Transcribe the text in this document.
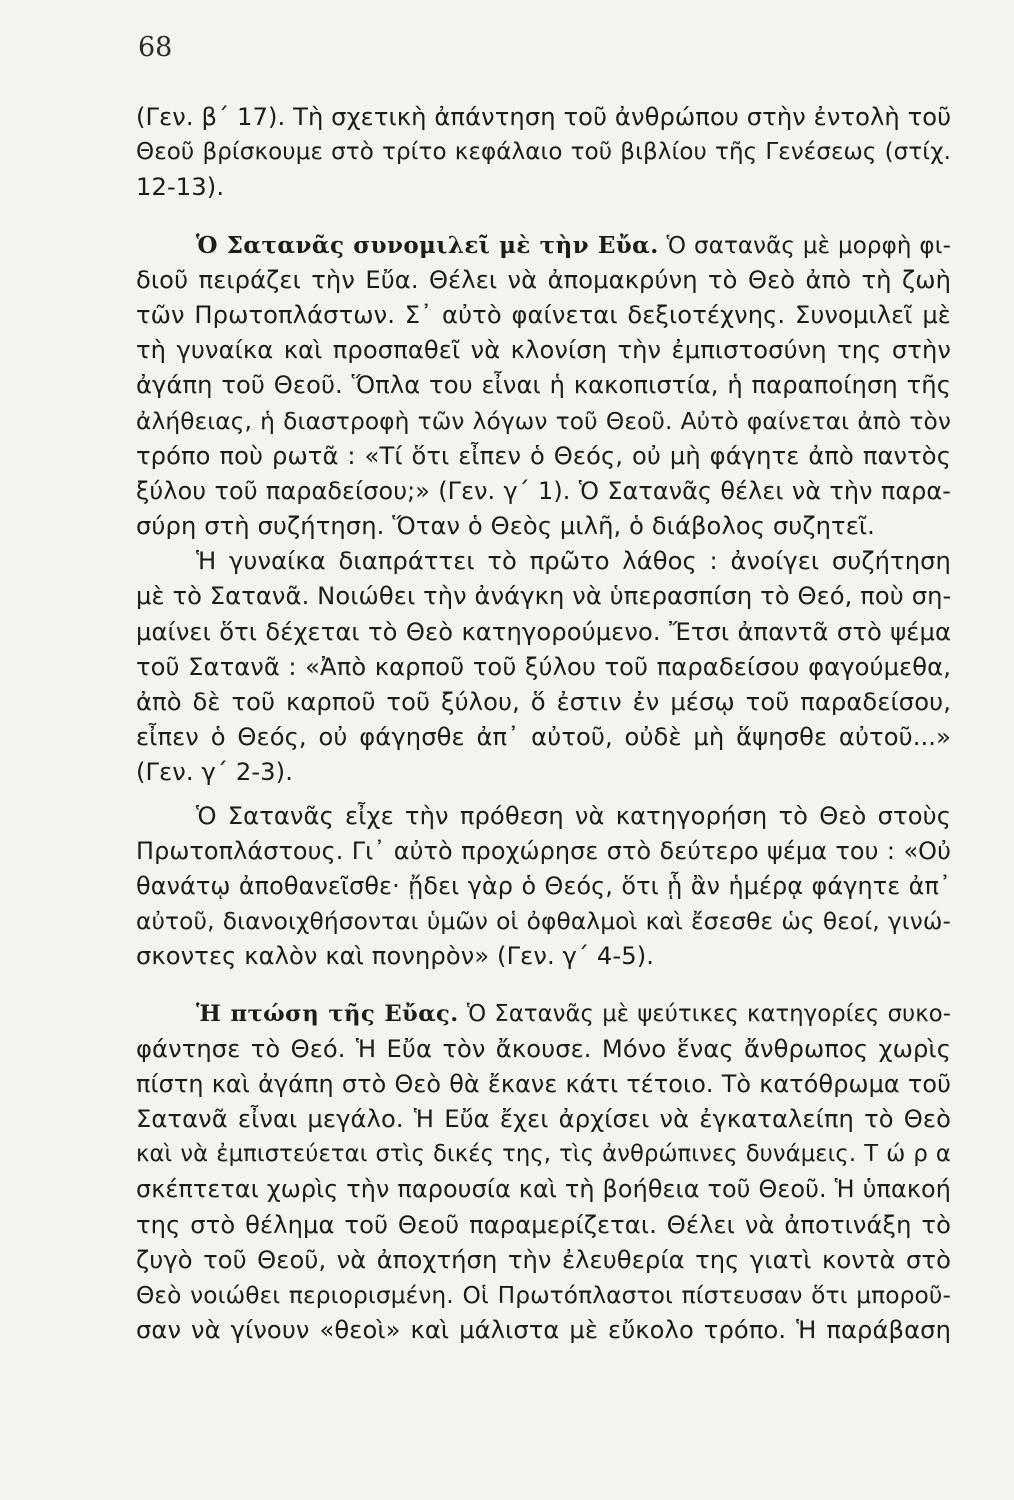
68
(Γεν. β΄ 17). Τὴ σχετικὴ ἀπάντηση τοῦ ἀνθρώπου στὴν ἐντολὴ τοῦ
Θεοῦ βρίσκουμε στὸ τρίτο κεφάλαιο τοῦ βιβλίου τῆς Γενέσεως (στίχ.
12-13).
Ὁ Σατανᾶς συνομιλεῖ μὲ τὴν Εὔα. Ὁ σατανᾶς μὲ μορφὴ φι-
διοῦ πειράζει τὴν Εὔα. Θέλει νὰ ἀπομακρύνη τὸ Θεὸ ἀπὸ τὴ ζωὴ
τῶν Πρωτοπλάστων. Σ᾽ αὐτὸ φαίνεται δεξιοτέχνης. Συνομιλεῖ μὲ
τὴ γυναίκα καὶ προσπαθεῖ νὰ κλονίση τὴν ἐμπιστοσύνη της στὴν
ἀγάπη τοῦ Θεοῦ. Ὅπλα του εἶναι ἡ κακοπιστία, ἡ παραποίηση τῆς
ἀλήθειας, ἡ διαστροφὴ τῶν λόγων τοῦ Θεοῦ. Αὐτὸ φαίνεται ἀπὸ τὸν
τρόπο ποὺ ρωτᾶ : «Τί ὅτι εἶπεν ὁ Θεός, οὐ μὴ φάγητε ἀπὸ παντὸς
ξύλου τοῦ παραδείσου;» (Γεν. γ΄ 1). Ὁ Σατανᾶς θέλει νὰ τὴν παρα-
σύρη στὴ συζήτηση. Ὅταν ὁ Θεὸς μιλῆ, ὁ διάβολος συζητεῖ.
Ἡ γυναίκα διαπράττει τὸ πρῶτο λάθος : ἀνοίγει συζήτηση
μὲ τὸ Σατανᾶ. Νοιώθει τὴν ἀνάγκη νὰ ὑπερασπίση τὸ Θεό, ποὺ ση-
μαίνει ὅτι δέχεται τὸ Θεὸ κατηγορούμενο. Ἔτσι ἀπαντᾶ στὸ ψέμα
τοῦ Σατανᾶ : «Ἀπὸ καρποῦ τοῦ ξύλου τοῦ παραδείσου φαγούμεθα,
ἀπὸ δὲ τοῦ καρποῦ τοῦ ξύλου, ὅ ἐστιν ἐν μέσῳ τοῦ παραδείσου,
εἶπεν ὁ Θεός, οὐ φάγησθε ἀπ᾽ αὐτοῦ, οὐδὲ μὴ ἅψησθε αὐτοῦ...»
(Γεν. γ΄ 2-3).
Ὁ Σατανᾶς εἶχε τὴν πρόθεση νὰ κατηγορήση τὸ Θεὸ στοὺς
Πρωτοπλάστους. Γι᾽ αὐτὸ προχώρησε στὸ δεύτερο ψέμα του : «Οὐ
θανάτῳ ἀποθανεῖσθε· ᾔδει γὰρ ὁ Θεός, ὅτι ᾗ ἂν ἡμέρᾳ φάγητε ἀπ᾽
αὐτοῦ, διανοιχθήσονται ὑμῶν οἱ ὀφθαλμοὶ καὶ ἔσεσθε ὡς θεοί, γινώ-
σκοντες καλὸν καὶ πονηρὸν» (Γεν. γ΄ 4-5).
Ἡ πτώση τῆς Εὔας. Ὁ Σατανᾶς μὲ ψεύτικες κατηγορίες συκο-
φάντησε τὸ Θεό. Ἡ Εὔα τὸν ἄκουσε. Μόνο ἕνας ἄνθρωπος χωρὶς
πίστη καὶ ἀγάπη στὸ Θεὸ θὰ ἔκανε κάτι τέτοιο. Τὸ κατόθρωμα τοῦ
Σατανᾶ εἶναι μεγάλο. Ἡ Εὔα ἔχει ἀρχίσει νὰ ἐγκαταλείπη τὸ Θεὸ
καὶ νὰ ἐμπιστεύεται στὶς δικές της, τὶς ἀνθρώπινες δυνάμεις. Τ ώ ρ α
σκέπτεται χωρὶς τὴν παρουσία καὶ τὴ βοήθεια τοῦ Θεοῦ. Ἡ ὑπακοή
της στὸ θέλημα τοῦ Θεοῦ παραμερίζεται. Θέλει νὰ ἀποτινάξη τὸ
ζυγὸ τοῦ Θεοῦ, νὰ ἀποχτήση τὴν ἐλευθερία της γιατὶ κοντὰ στὸ
Θεὸ νοιώθει περιορισμένη. Οἱ Πρωτόπλαστοι πίστευσαν ὅτι μποροῦ-
σαν νὰ γίνουν «θεοὶ» καὶ μάλιστα μὲ εὔκολο τρόπο. Ἡ παράβαση
